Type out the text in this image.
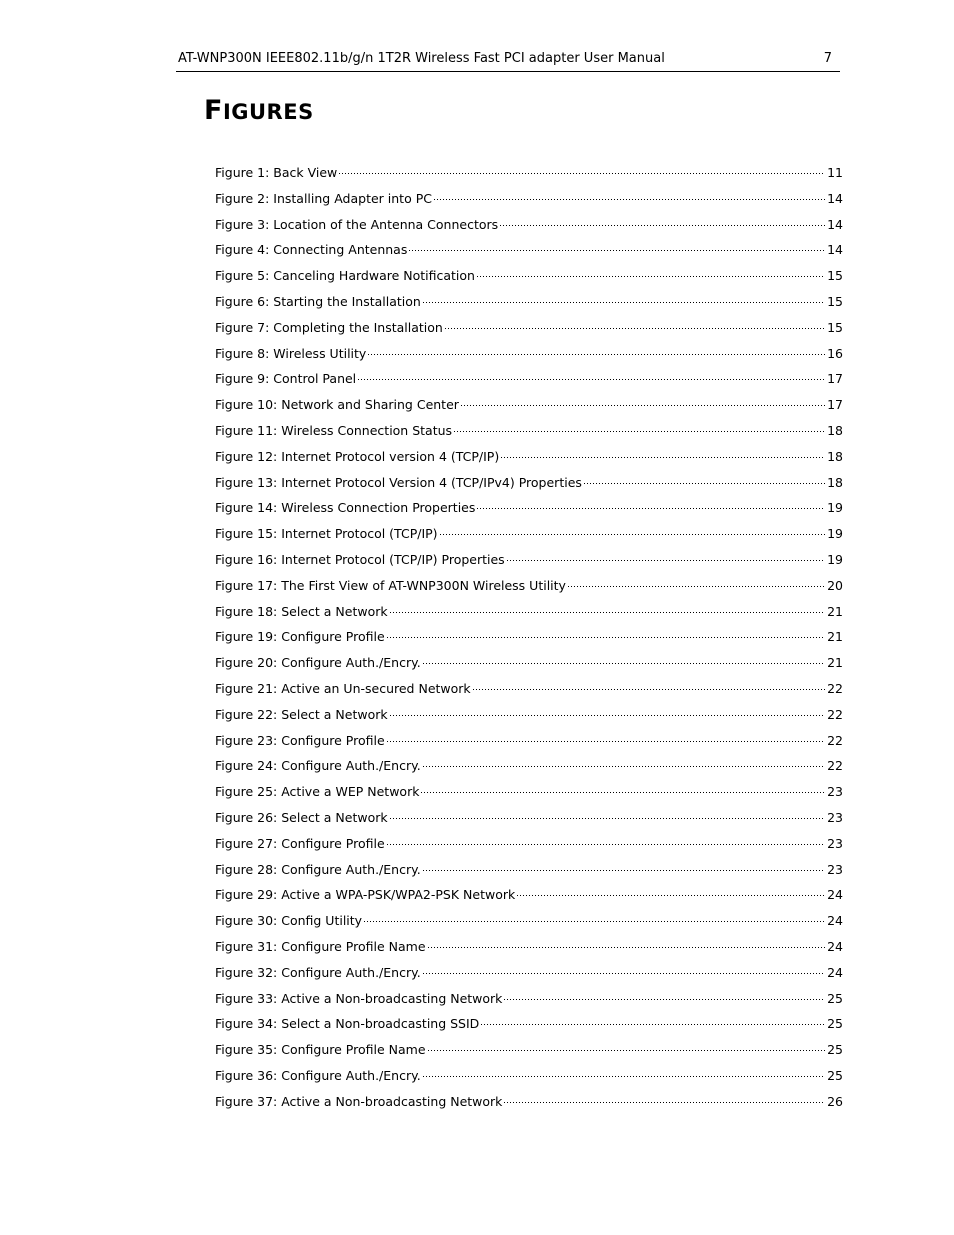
AT-WNP300N IEEE802.11b/g/n 1T2R Wireless Fast PCI adapter User Manual	7
FIGURES
Figure 1: Back View	11
Figure 2: Installing Adapter into PC	14
Figure 3: Location of the Antenna Connectors	14
Figure 4: Connecting Antennas	14
Figure 5: Canceling Hardware Notification	15
Figure 6: Starting the Installation	15
Figure 7: Completing the Installation	15
Figure 8: Wireless Utility	16
Figure 9: Control Panel	17
Figure 10: Network and Sharing Center	17
Figure 11: Wireless Connection Status	18
Figure 12: Internet Protocol version 4 (TCP/IP)	18
Figure 13: Internet Protocol Version 4 (TCP/IPv4) Properties	18
Figure 14: Wireless Connection Properties	19
Figure 15: Internet Protocol (TCP/IP)	19
Figure 16: Internet Protocol (TCP/IP) Properties	19
Figure 17: The First View of AT-WNP300N Wireless Utility	20
Figure 18: Select a Network	21
Figure 19: Configure Profile	21
Figure 20: Configure Auth./Encry.	21
Figure 21: Active an Un-secured Network	22
Figure 22: Select a Network	22
Figure 23: Configure Profile	22
Figure 24: Configure Auth./Encry.	22
Figure 25: Active a WEP Network	23
Figure 26: Select a Network	23
Figure 27: Configure Profile	23
Figure 28: Configure Auth./Encry.	23
Figure 29: Active a WPA-PSK/WPA2-PSK Network	24
Figure 30: Config Utility	24
Figure 31: Configure Profile Name	24
Figure 32: Configure Auth./Encry.	24
Figure 33: Active a Non-broadcasting Network	25
Figure 34: Select a Non-broadcasting SSID	25
Figure 35: Configure Profile Name	25
Figure 36: Configure Auth./Encry.	25
Figure 37: Active a Non-broadcasting Network	26
